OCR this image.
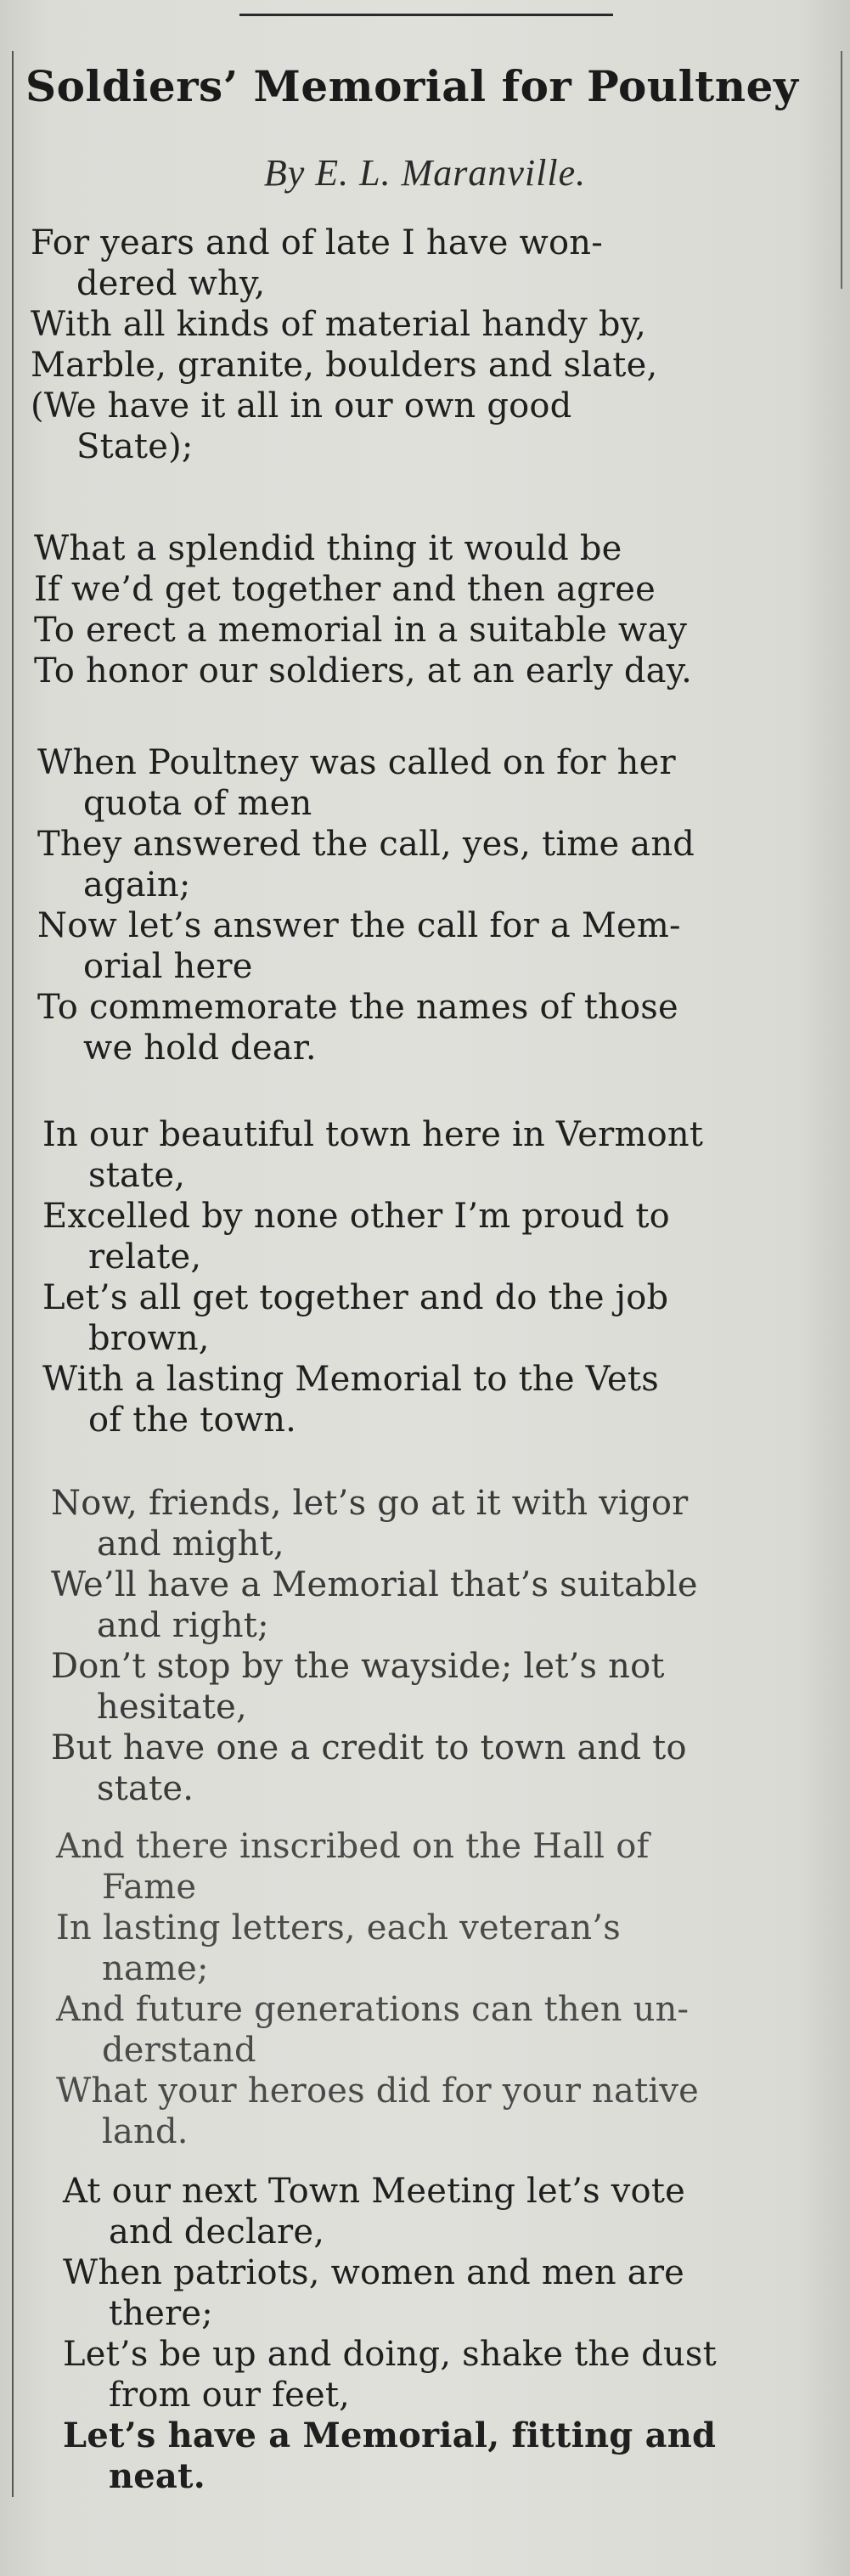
Soldiers’ Memorial for Poultney
By E. L. Maranville.
For years and of late I have won-
dered why,
With all kinds of material handy by,
Marble, granite, boulders and slate,
(We have it all in our own good
State);
What a splendid thing it would be
If we’d get together and then agree
To erect a memorial in a suitable way
To honor our soldiers, at an early day.
When Poultney was called on for her
quota of men
They answered the call, yes, time and
again;
Now let’s answer the call for a Mem-
orial here
To commemorate the names of those
we hold dear.
In our beautiful town here in Vermont
state,
Excelled by none other I’m proud to
relate,
Let’s all get together and do the job
brown,
With a lasting Memorial to the Vets
of the town.
Now, friends, let’s go at it with vigor
and might,
We’ll have a Memorial that’s suitable
and right;
Don’t stop by the wayside; let’s not
hesitate,
But have one a credit to town and to
state.
And there inscribed on the Hall of
Fame
In lasting letters, each veteran’s
name;
And future generations can then un-
derstand
What your heroes did for your native
land.
At our next Town Meeting let’s vote
and declare,
When patriots, women and men are
there;
Let’s be up and doing, shake the dust
from our feet,
Let’s have a Memorial, fitting and
neat.
